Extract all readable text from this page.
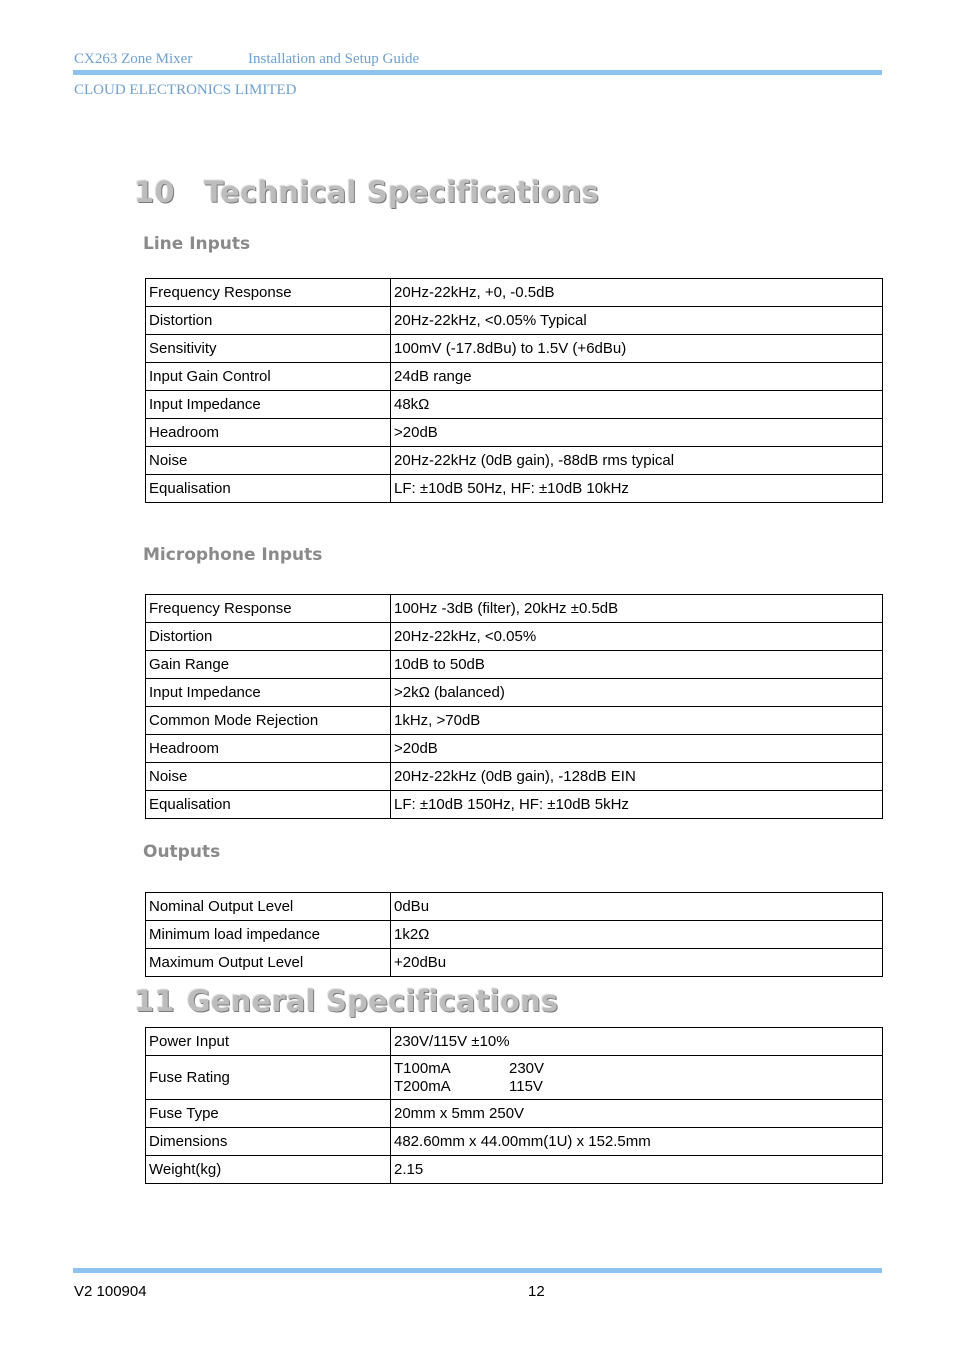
CX263 Zone Mixer	Installation and Setup Guide
CLOUD ELECTRONICS LIMITED
10 Technical Specifications
Line Inputs
Frequency Response	20Hz-22kHz, +0, -0.5dB
Distortion	20Hz-22kHz, <0.05% Typical
Sensitivity	100mV (-17.8dBu) to 1.5V (+6dBu)
Input Gain Control	24dB range
Input Impedance	48kΩ
Headroom	>20dB
Noise	20Hz-22kHz (0dB gain), -88dB rms typical
Equalisation	LF: ±10dB 50Hz, HF: ±10dB 10kHz
Microphone Inputs
Frequency Response	100Hz -3dB (filter), 20kHz ±0.5dB
Distortion	20Hz-22kHz, <0.05%
Gain Range	10dB to 50dB
Input Impedance	>2kΩ (balanced)
Common Mode Rejection	1kHz, >70dB
Headroom	>20dB
Noise	20Hz-22kHz (0dB gain), -128dB EIN
Equalisation	LF: ±10dB 150Hz, HF: ±10dB 5kHz
Outputs
Nominal Output Level	0dBu
Minimum load impedance	1k2Ω
Maximum Output Level	+20dBu
11 General Specifications
Power Input	230V/115V ±10%
Fuse Rating	T100mA 230V
T200mA 115V

Fuse Type	20mm x 5mm 250V
Dimensions	482.60mm x 44.00mm(1U) x 152.5mm
Weight(kg)	2.15
V2 100904	12
